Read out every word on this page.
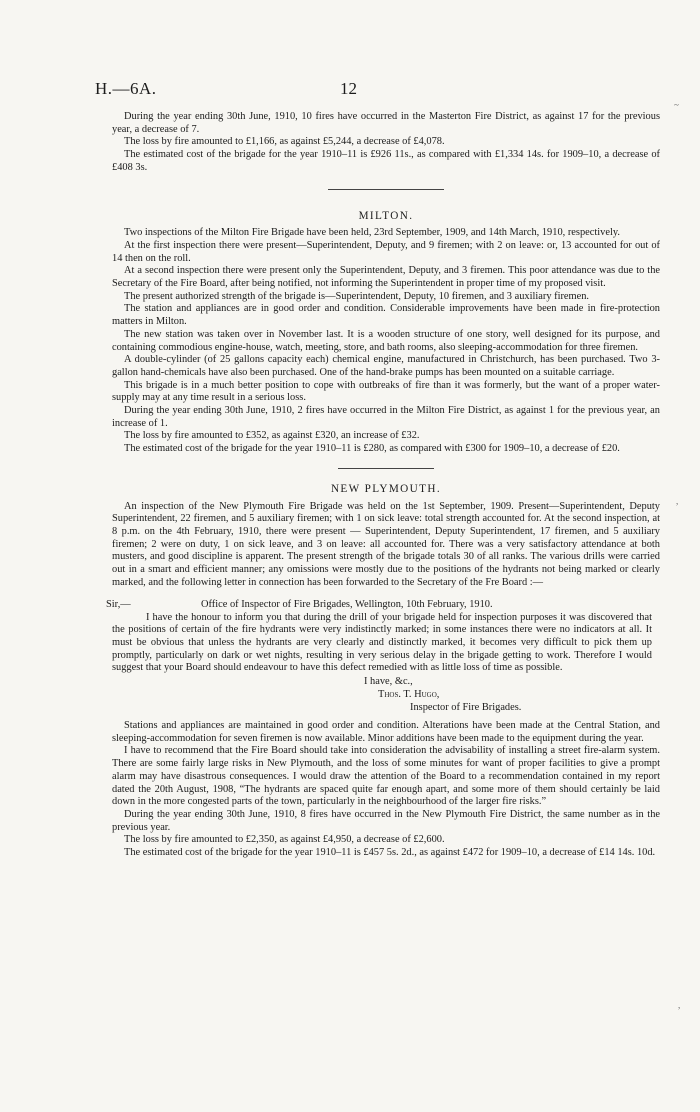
H.—6A.	12
~
,
,

During the year ending 30th June, 1910, 10 fires have occurred in the Masterton Fire District, as against 17 for the previous year, a decrease of 7.

The loss by fire amounted to £1,166, as against £5,244, a decrease of £4,078.

The estimated cost of the brigade for the year 1910–11 is £926 11s., as compared with £1,334 14s. for 1909–10, a decrease of £408 3s.

MILTON.

Two inspections of the Milton Fire Brigade have been held, 23rd September, 1909, and 14th March, 1910, respectively.

At the first inspection there were present—Superintendent, Deputy, and 9 firemen; with 2 on leave: or, 13 accounted for out of 14 then on the roll.

At a second inspection there were present only the Superintendent, Deputy, and 3 firemen. This poor attendance was due to the Secretary of the Fire Board, after being notified, not informing the Superintendent in proper time of my proposed visit.

The present authorized strength of the brigade is—Superintendent, Deputy, 10 firemen, and 3 auxiliary firemen.

The station and appliances are in good order and condition. Considerable improvements have been made in fire-protection matters in Milton.

The new station was taken over in November last. It is a wooden structure of one story, well designed for its purpose, and containing commodious engine-house, watch, meeting, store, and bath rooms, also sleeping-accommodation for three firemen.

A double-cylinder (of 25 gallons capacity each) chemical engine, manufactured in Christchurch, has been purchased. Two 3-gallon hand-chemicals have also been purchased. One of the hand-brake pumps has been mounted on a suitable carriage.

This brigade is in a much better position to cope with outbreaks of fire than it was formerly, but the want of a proper water-supply may at any time result in a serious loss.

During the year ending 30th June, 1910, 2 fires have occurred in the Milton Fire District, as against 1 for the previous year, an increase of 1.

The loss by fire amounted to £352, as against £320, an increase of £32.

The estimated cost of the brigade for the year 1910–11 is £280, as compared with £300 for 1909–10, a decrease of £20.

NEW PLYMOUTH.

An inspection of the New Plymouth Fire Brigade was held on the 1st September, 1909. Present—Superintendent, Deputy Superintendent, 22 firemen, and 5 auxiliary firemen; with 1 on sick leave: total strength accounted for. At the second inspection, at 8 p.m. on the 4th February, 1910, there were present — Superintendent, Deputy Superintendent, 17 firemen, and 5 auxiliary firemen; 2 were on duty, 1 on sick leave, and 3 on leave: all accounted for. There was a very satisfactory attendance at both musters, and good discipline is apparent. The present strength of the brigade totals 30 of all ranks. The various drills were carried out in a smart and efficient manner; any omissions were mostly due to the positions of the hydrants not being marked or clearly marked, and the following letter in connection has been forwarded to the Secretary of the Fre Board :—

Sir,—	Office of Inspector of Fire Brigades, Wellington, 10th February, 1910.

I have the honour to inform you that during the drill of your brigade held for inspection purposes it was discovered that the positions of certain of the fire hydrants were very indistinctly marked; in some instances there were no indicators at all. It must be obvious that unless the hydrants are very clearly and distinctly marked, it becomes very difficult to pick them up promptly, particularly on dark or wet nights, resulting in very serious delay in the brigade getting to work. Therefore I would suggest that your Board should endeavour to have this defect remedied with as little loss of time as possible.

I have, &c.,
Thos. T. Hugo,
Inspector of Fire Brigades.

Stations and appliances are maintained in good order and condition. Alterations have been made at the Central Station, and sleeping-accommodation for seven firemen is now available. Minor additions have been made to the equipment during the year.

I have to recommend that the Fire Board should take into consideration the advisability of installing a street fire-alarm system. There are some fairly large risks in New Plymouth, and the loss of some minutes for want of proper facilities to give a prompt alarm may have disastrous consequences. I would draw the attention of the Board to a recommendation contained in my report dated the 20th August, 1908, “The hydrants are spaced quite far enough apart, and some more of them should certainly be laid down in the more congested parts of the town, particularly in the neighbourhood of the larger fire risks.”

During the year ending 30th June, 1910, 8 fires have occurred in the New Plymouth Fire District, the same number as in the previous year.

The loss by fire amounted to £2,350, as against £4,950, a decrease of £2,600.

The estimated cost of the brigade for the year 1910–11 is £457 5s. 2d., as against £472 for 1909–10, a decrease of £14 14s. 10d.
